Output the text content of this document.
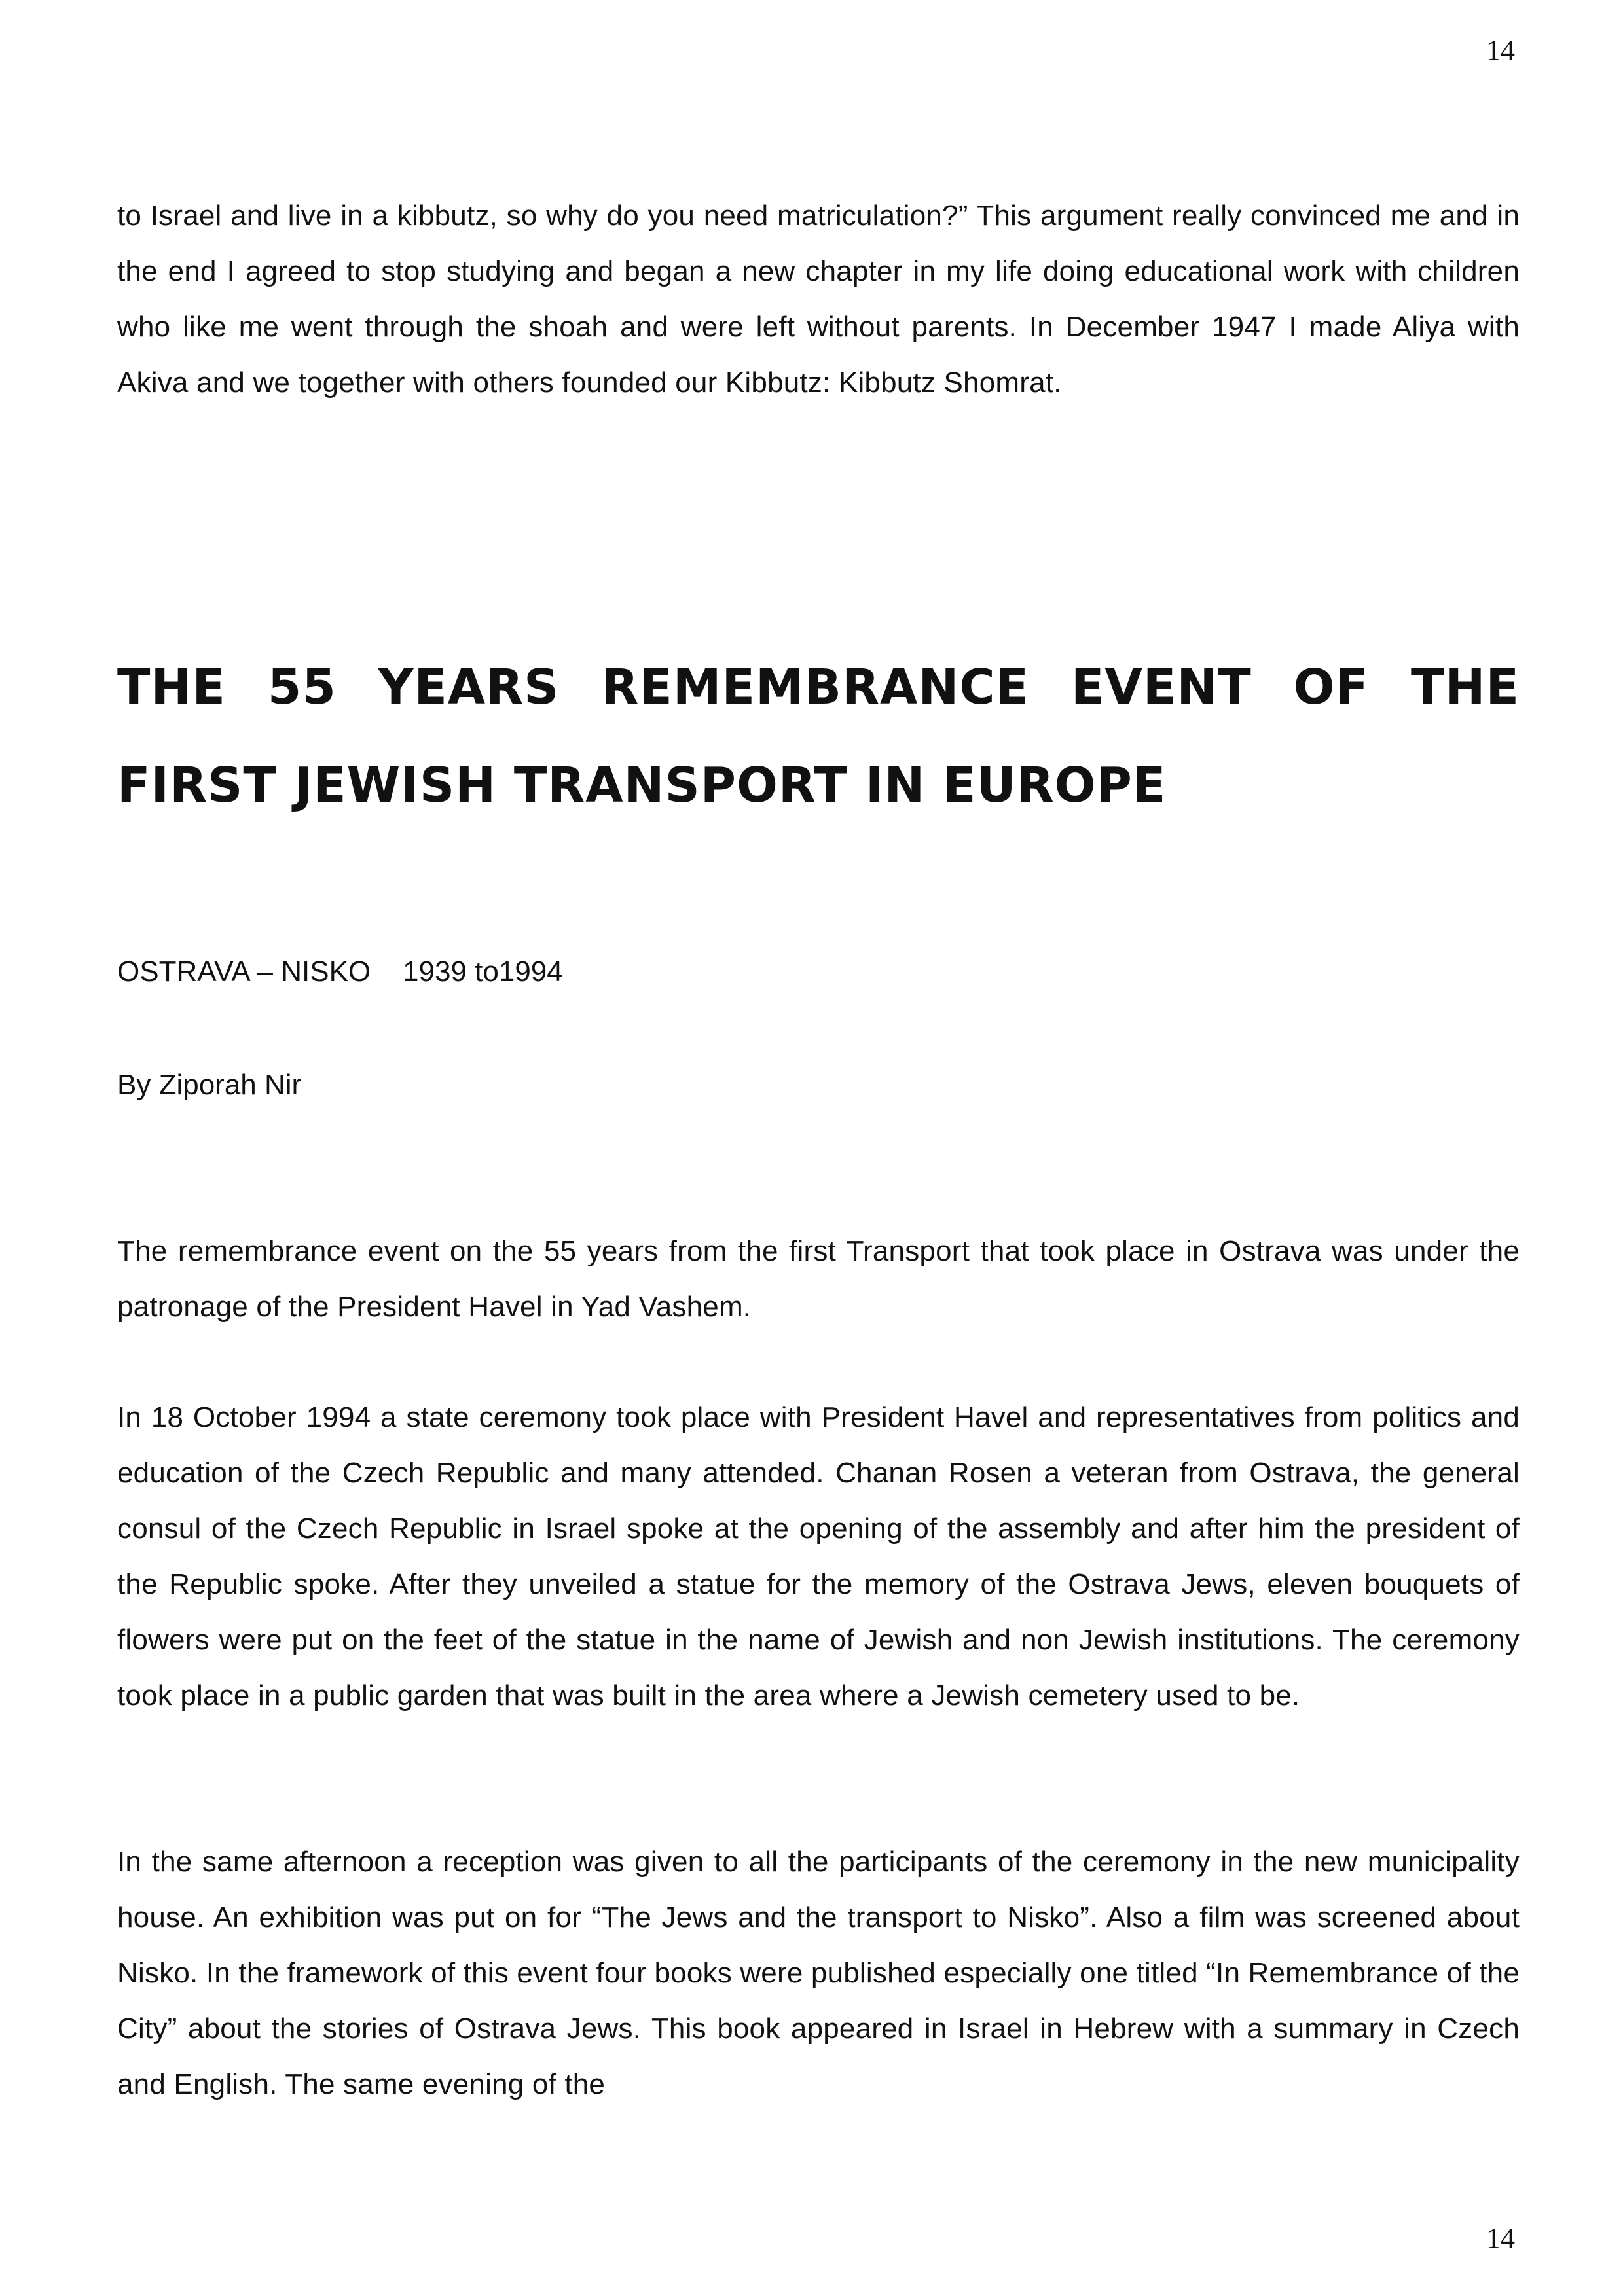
14

to Israel and live in a kibbutz, so why do you need matriculation?” This argument really convinced me and in the end I agreed to stop studying and began a new chapter in my life doing educational work with children who like me went through the shoah and were left without parents. In December 1947 I made Aliya with Akiva and we together with others founded our Kibbutz: Kibbutz Shomrat.

THE 55 YEARS REMEMBRANCE EVENT OF THE FIRST JEWISH TRANSPORT IN EUROPE

OSTRAVA – NISKO    1939 to1994

By Ziporah Nir

The remembrance event on the 55 years from the first Transport that took place in Ostrava was under the patronage of the President Havel in Yad Vashem.

In 18 October 1994 a state ceremony took place with President Havel and representatives from politics and education of the Czech Republic and many attended. Chanan Rosen a veteran from Ostrava, the general consul of the Czech Republic in Israel spoke at the opening of the assembly and after him the president of the Republic spoke. After they unveiled a statue for the memory of the Ostrava Jews, eleven bouquets of flowers were put on the feet of the statue in the name of Jewish and non Jewish institutions. The ceremony took place in a public garden that was built in the area where a Jewish cemetery used to be.

In the same afternoon a reception was given to all the participants of the ceremony in the new municipality house. An exhibition was put on for “The Jews and the transport to Nisko”. Also a film was screened about Nisko. In the framework of this event four books were published especially one titled “In Remembrance of the City” about the stories of Ostrava Jews. This book appeared in Israel in Hebrew with a summary in Czech and English. The same evening of the

14
